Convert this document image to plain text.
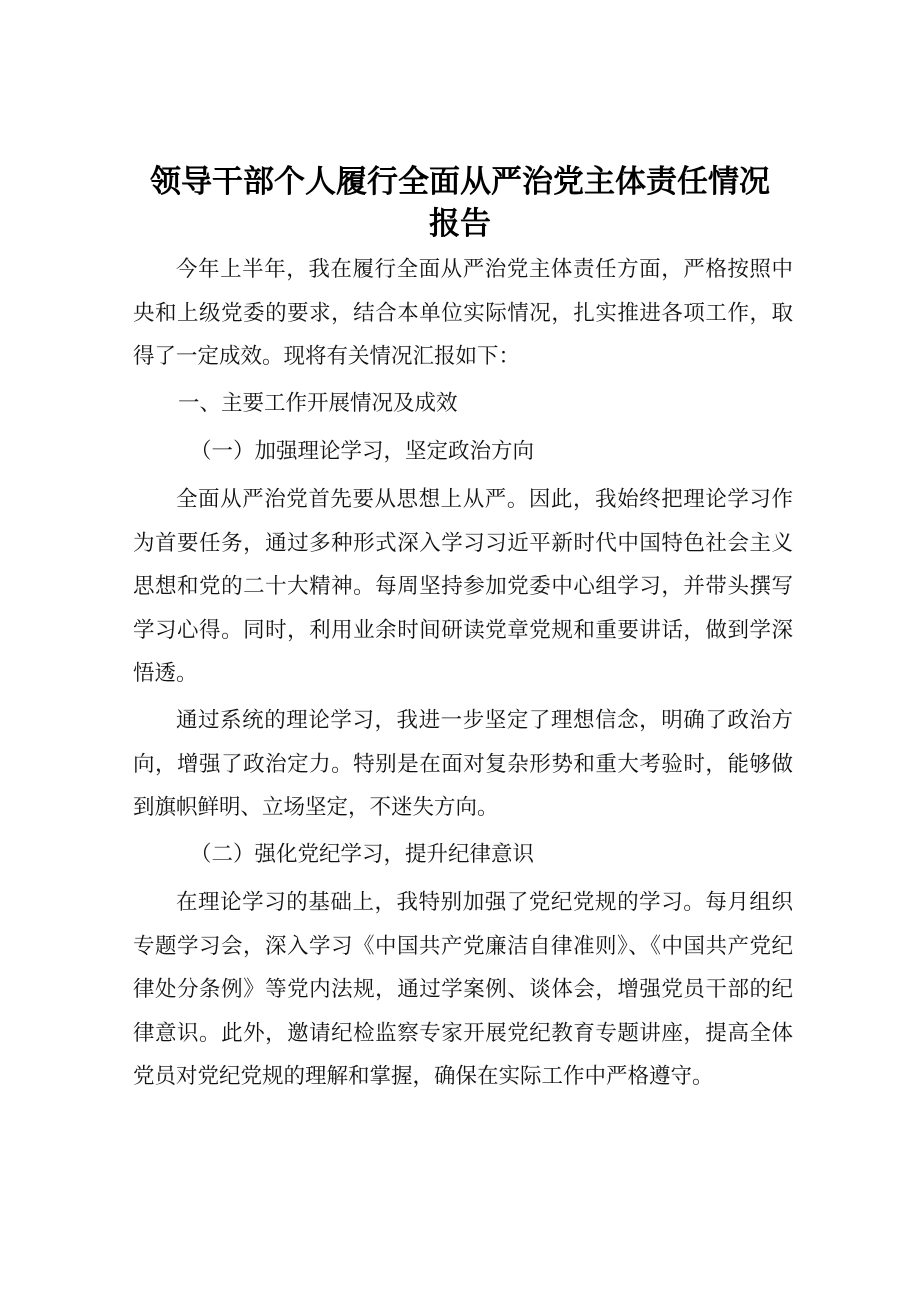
领导干部个人履行全面从严治党主体责任情况
报告

今年上半年，我在履行全面从严治党主体责任方面，严格按照中央和上级党委的要求，结合本单位实际情况，扎实推进各项工作，取得了一定成效。现将有关情况汇报如下：

一、主要工作开展情况及成效

（一）加强理论学习，坚定政治方向

全面从严治党首先要从思想上从严。因此，我始终把理论学习作为首要任务，通过多种形式深入学习习近平新时代中国特色社会主义思想和党的二十大精神。每周坚持参加党委中心组学习，并带头撰写学习心得。同时，利用业余时间研读党章党规和重要讲话，做到学深悟透。

通过系统的理论学习，我进一步坚定了理想信念，明确了政治方向，增强了政治定力。特别是在面对复杂形势和重大考验时，能够做到旗帜鲜明、立场坚定，不迷失方向。

（二）强化党纪学习，提升纪律意识

在理论学习的基础上，我特别加强了党纪党规的学习。每月组织专题学习会，深入学习《中国共产党廉洁自律准则》、《中国共产党纪律处分条例》等党内法规，通过学案例、谈体会，增强党员干部的纪律意识。此外，邀请纪检监察专家开展党纪教育专题讲座，提高全体党员对党纪党规的理解和掌握，确保在实际工作中严格遵守。
